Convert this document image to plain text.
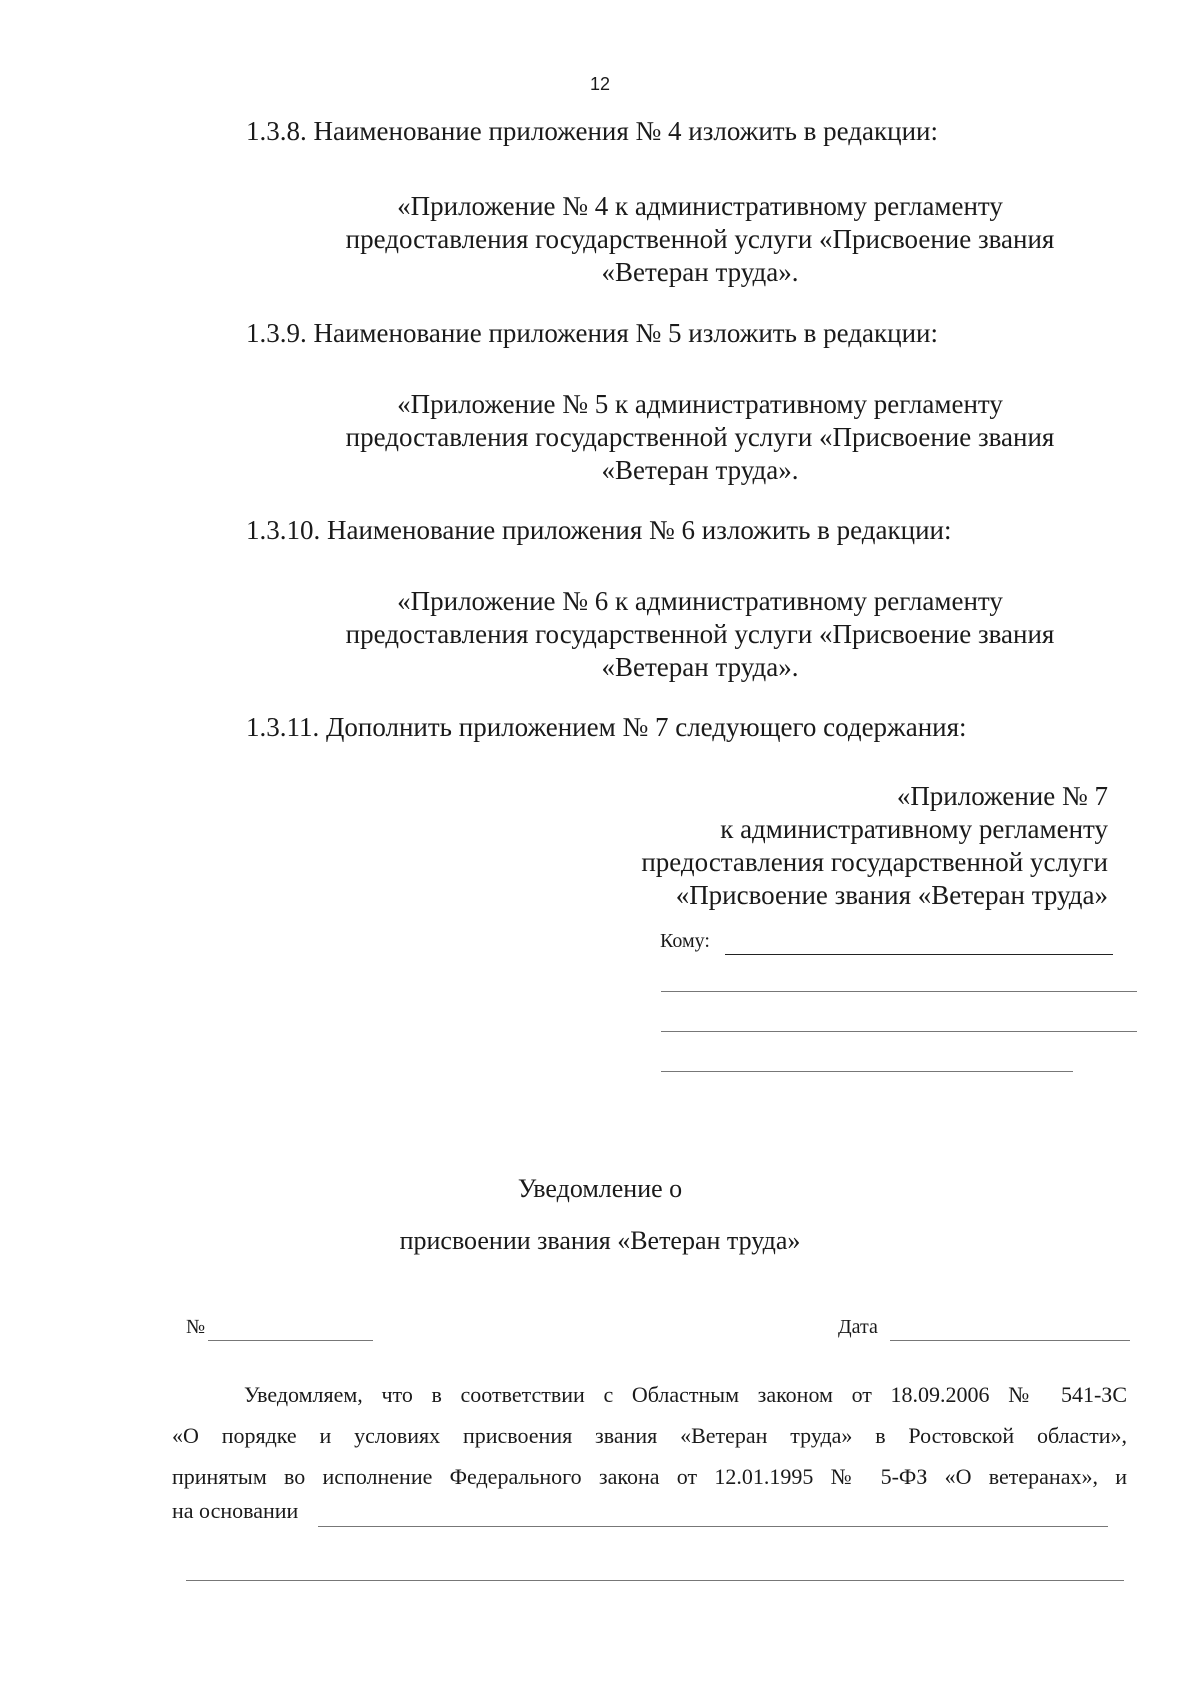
12
1.3.8. Наименование приложения № 4 изложить в редакции:
«Приложение № 4 к административному регламенту
предоставления государственной услуги «Присвоение звания
«Ветеран труда».
1.3.9. Наименование приложения № 5 изложить в редакции:
«Приложение № 5 к административному регламенту
предоставления государственной услуги «Присвоение звания
«Ветеран труда».
1.3.10. Наименование приложения № 6 изложить в редакции:
«Приложение № 6 к административному регламенту
предоставления государственной услуги «Присвоение звания
«Ветеран труда».
1.3.11. Дополнить приложением № 7 следующего содержания:
«Приложение № 7
к административному регламенту
предоставления государственной услуги
«Присвоение звания «Ветеран труда»
Кому:
Уведомление о
присвоении звания «Ветеран труда»
№	Дата
Уведомляем, что в соответствии с Областным законом от 18.09.2006 № 541-ЗС
«О порядке и условиях присвоения звания «Ветеран труда» в Ростовской области»,
принятым во исполнение Федерального закона от 12.01.1995 № 5-ФЗ «О ветеранах», и
на основании
